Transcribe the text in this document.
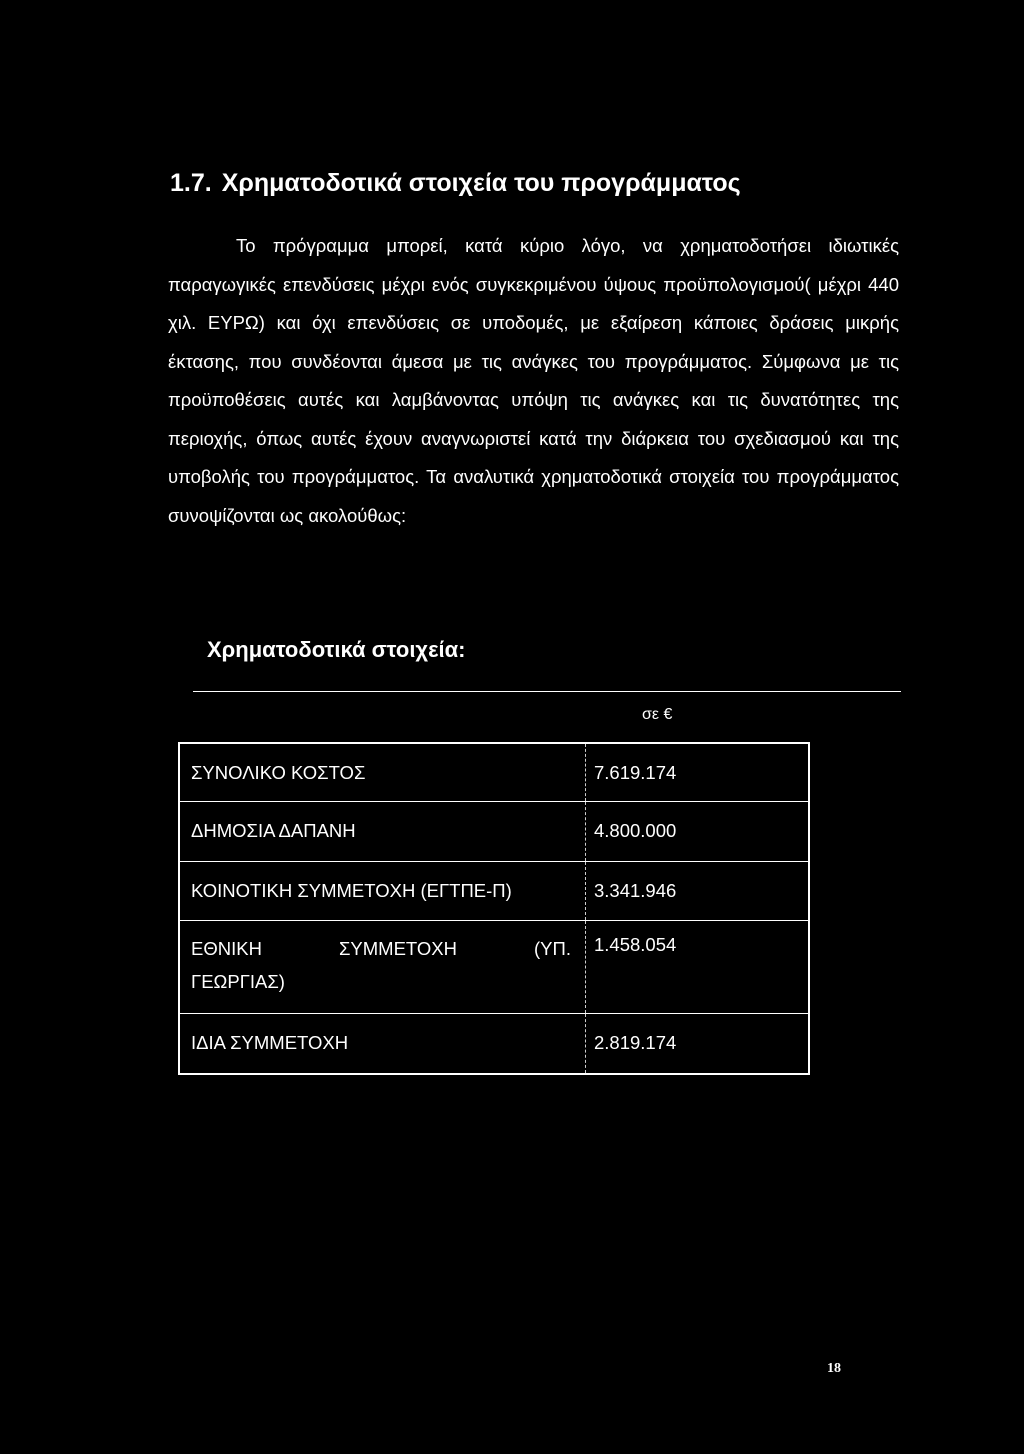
1.7. Χρηματοδοτικά στοιχεία του προγράμματος

Το πρόγραμμα μπορεί, κατά κύριο λόγο, να χρηματοδοτήσει ιδιωτικές παραγωγικές επενδύσεις μέχρι ενός συγκεκριμένου ύψους προϋπολογισμού( μέχρι 440 χιλ. ΕΥΡΩ) και όχι επενδύσεις σε υποδομές, με εξαίρεση κάποιες δράσεις μικρής έκτασης, που συνδέονται άμεσα με τις ανάγκες του προγράμματος. Σύμφωνα με τις προϋποθέσεις αυτές και λαμβάνοντας υπόψη τις ανάγκες και τις δυνατότητες της περιοχής, όπως αυτές έχουν αναγνωριστεί κατά την διάρκεια του σχεδιασμού και της υποβολής του προγράμματος. Τα αναλυτικά χρηματοδοτικά στοιχεία του προγράμματος συνοψίζονται ως ακολούθως:

Χρηματοδοτικά στοιχεία:
σε €
ΣΥΝΟΛΙΚΟ ΚΟΣΤΟΣ	7.619.174

ΔΗΜΟΣΙΑ ΔΑΠΑΝΗ	4.800.000

ΚΟΙΝΟΤΙΚΗ ΣΥΜΜΕΤΟΧΗ (ΕΓΤΠΕ-Π)	3.341.946

ΕΘΝΙΚΗ ΣΥΜΜΕΤΟΧΗ (ΥΠ.
ΓΕΩΡΓΙΑΣ)	1.458.054

ΙΔΙΑ ΣΥΜΜΕΤΟΧΗ	2.819.174
18
